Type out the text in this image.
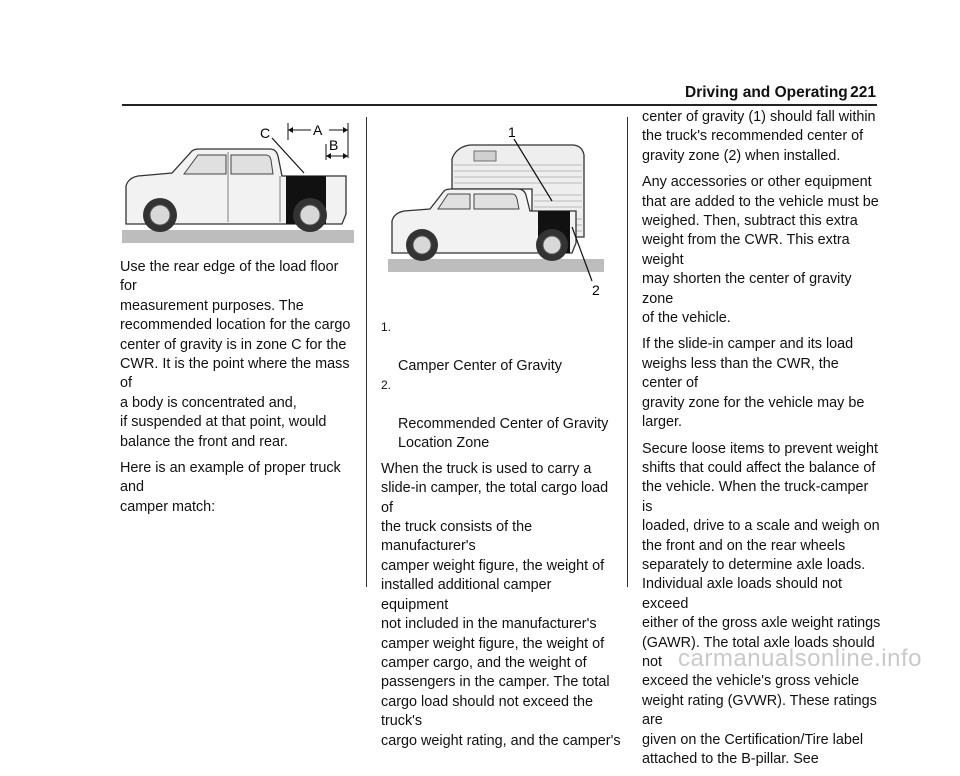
Driving and Operating 221
C	A
B
1
2

Use the rear edge of the load floor for
measurement purposes. The
recommended location for the cargo
center of gravity is in zone C for the
CWR. It is the point where the mass of
a body is concentrated and,
if suspended at that point, would
balance the front and rear.

Here is an example of proper truck and
camper match:

1.

Camper Center of Gravity

2.

Recommended Center of Gravity
Location Zone

When the truck is used to carry a
slide-in camper, the total cargo load of
the truck consists of the manufacturer's
camper weight figure, the weight of
installed additional camper equipment
not included in the manufacturer's
camper weight figure, the weight of
camper cargo, and the weight of
passengers in the camper. The total
cargo load should not exceed the truck's
cargo weight rating, and the camper's

center of gravity (1) should fall within
the truck's recommended center of
gravity zone (2) when installed.

Any accessories or other equipment
that are added to the vehicle must be
weighed. Then, subtract this extra
weight from the CWR. This extra weight
may shorten the center of gravity zone
of the vehicle.

If the slide-in camper and its load
weighs less than the CWR, the center of
gravity zone for the vehicle may be
larger.

Secure loose items to prevent weight
shifts that could affect the balance of
the vehicle. When the truck-camper is
loaded, drive to a scale and weigh on
the front and on the rear wheels
separately to determine axle loads.
Individual axle loads should not exceed
either of the gross axle weight ratings
(GAWR). The total axle loads should not
exceed the vehicle's gross vehicle
weight rating (GVWR). These ratings are
given on the Certification/Tire label
attached to the B-pillar. See

carmanualsonline.info
